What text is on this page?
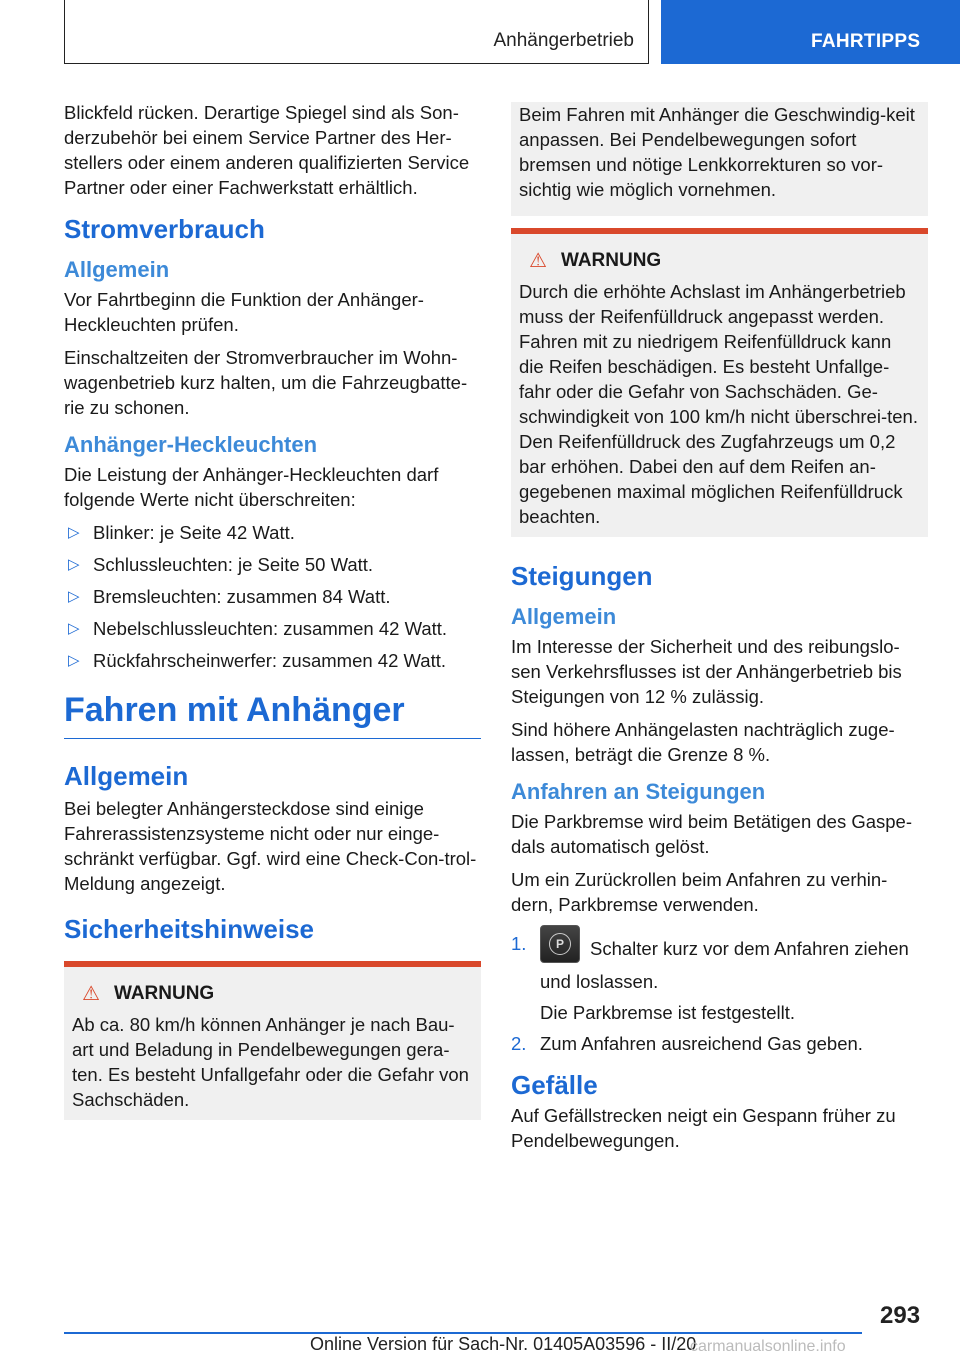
Anhängerbetrieb	FAHRTIPPS

Blickfeld rücken. Derartige Spiegel sind als Son-derzubehör bei einem Service Partner des Her-stellers oder einem anderen qualifizierten Service Partner oder einer Fachwerkstatt erhältlich.

Stromverbrauch
Allgemein

Vor Fahrtbeginn die Funktion der Anhänger-Heckleuchten prüfen.

Einschaltzeiten der Stromverbraucher im Wohn-wagenbetrieb kurz halten, um die Fahrzeugbatte-rie zu schonen.

Anhänger-Heckleuchten

Die Leistung der Anhänger-Heckleuchten darf folgende Werte nicht überschreiten:

▷ Blinker: je Seite 42 Watt.
▷ Schlussleuchten: je Seite 50 Watt.
▷ Bremsleuchten: zusammen 84 Watt.
▷ Nebelschlussleuchten: zusammen 42 Watt.
▷ Rückfahrscheinwerfer: zusammen 42 Watt.
Fahren mit Anhänger
Allgemein

Bei belegter Anhängersteckdose sind einige Fahrerassistenzsysteme nicht oder nur einge-schränkt verfügbar. Ggf. wird eine Check-Con-trol-Meldung angezeigt.

Sicherheitshinweise
⚠ WARNUNG

Ab ca. 80 km/h können Anhänger je nach Bau-art und Beladung in Pendelbewegungen gera-ten. Es besteht Unfallgefahr oder die Gefahr von Sachschäden.

Beim Fahren mit Anhänger die Geschwindig-keit anpassen. Bei Pendelbewegungen sofort bremsen und nötige Lenkkorrekturen so vor-sichtig wie möglich vornehmen.

⚠ WARNUNG

Durch die erhöhte Achslast im Anhängerbetrieb muss der Reifenfülldruck angepasst werden. Fahren mit zu niedrigem Reifenfülldruck kann die Reifen beschädigen. Es besteht Unfallge-fahr oder die Gefahr von Sachschäden. Ge-schwindigkeit von 100 km/h nicht überschrei-ten. Den Reifenfülldruck des Zugfahrzeugs um 0,2 bar erhöhen. Dabei den auf dem Reifen an-gegebenen maximal möglichen Reifenfülldruck beachten.

Steigungen
Allgemein

Im Interesse der Sicherheit und des reibungslo-sen Verkehrsflusses ist der Anhängerbetrieb bis Steigungen von 12 % zulässig.

Sind höhere Anhängelasten nachträglich zuge-lassen, beträgt die Grenze 8 %.

Anfahren an Steigungen

Die Parkbremse wird beim Betätigen des Gaspe-dals automatisch gelöst.

Um ein Zurückrollen beim Anfahren zu verhin-dern, Parkbremse verwenden.

1.	P	Schalter kurz vor dem Anfahren ziehen und loslassen.
Die Parkbremse ist festgestellt.
2. Zum Anfahren ausreichend Gas geben.
Gefälle

Auf Gefällstrecken neigt ein Gespann früher zu Pendelbewegungen.

293
Online Version für Sach-Nr. 01405A03596 - II/20
carmanualsonline.info
